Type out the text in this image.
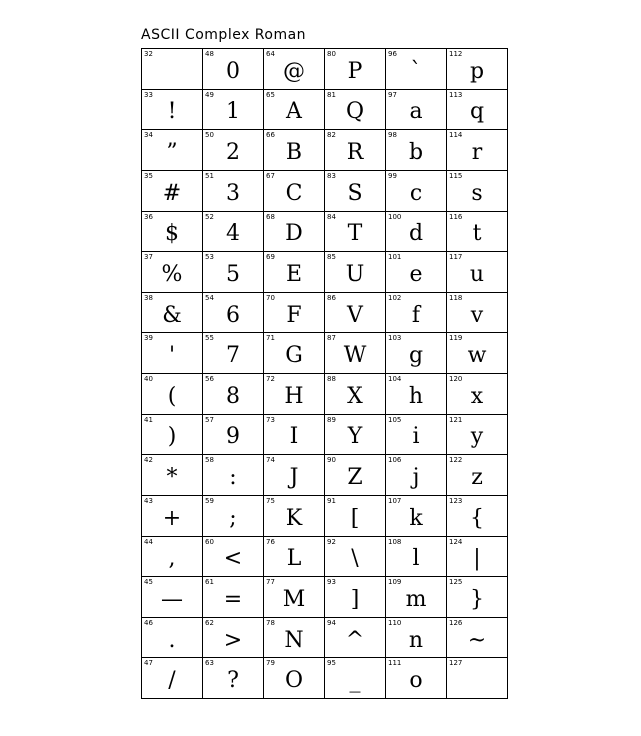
ASCII Complex Roman
32
33
!
34
”
35
#
36
$
37
%
38
&
39
'
40
(
41
)
42
*
43
+
44
,
45
—
46
.
47
/
48
0
49
1
50
2
51
3
52
4
53
5
54
6
55
7
56
8
57
9
58
:
59
;
60
<
61
=
62
>
63
?
64
@
65
A
66
B
67
C
68
D
69
E
70
F
71
G
72
H
73
I
74
J
75
K
76
L
77
M
78
N
79
O
80
P
81
Q
82
R
83
S
84
T
85
U
86
V
87
W
88
X
89
Y
90
Z
91
[
92
\
93
]
94
^
95
_
96
`
97
a
98
b
99
c
100
d
101
e
102
f
103
g
104
h
105
i
106
j
107
k
108
l
109
m
110
n
111
o
112
p
113
q
114
r
115
s
116
t
117
u
118
v
119
w
120
x
121
y
122
z
123
{
124
|
125
}
126
~
127
